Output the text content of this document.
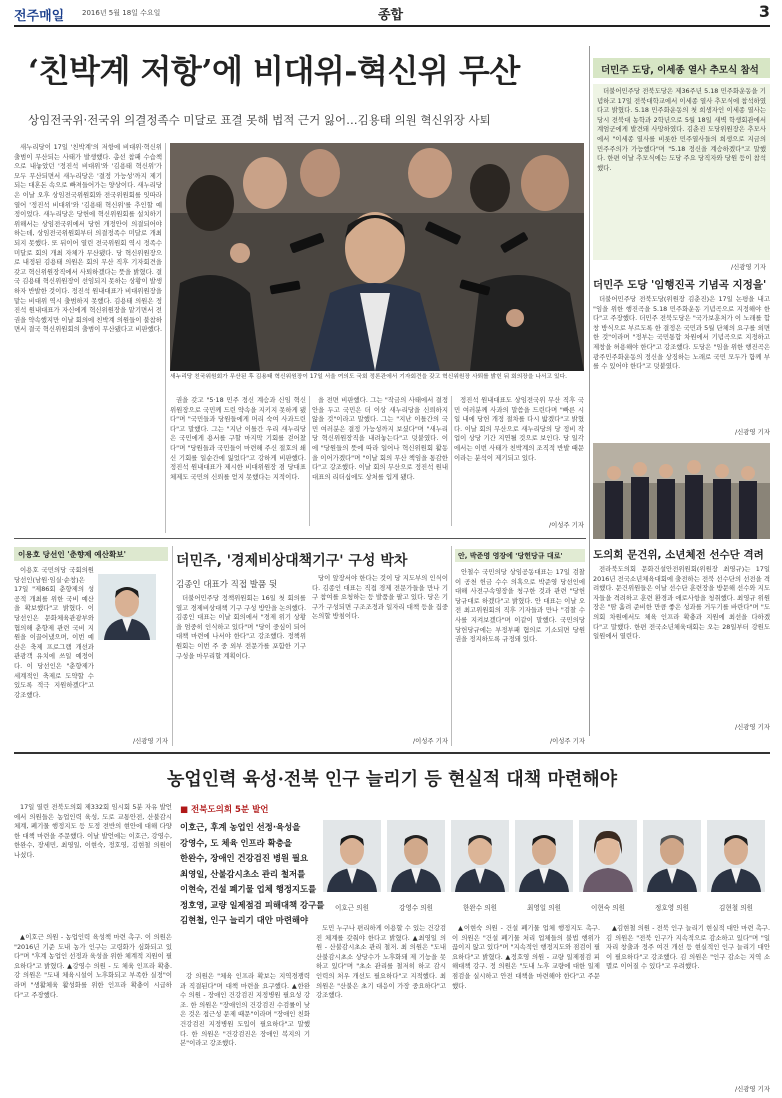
전주매일	2016년 5월 18일 수요일	종합	3
‘친박계 저항’에 비대위-혁신위 무산
상임전국위·전국위 의결정족수 미달로 표결 못해 법적 근거 잃어…김용태 의원 혁신위장 사퇴

새누리당이 17일 '친박계'의 저항에 비대위·혁신위 출범이 무산되는 사태가 발생했다. 총선 참패 수습책으로 내놓았던 '정진석 비대위'와 '김용태 혁신위'가 모두 무산되면서 새누리당은 '결정 가능성'까지 제기되는 대혼돈 속으로 빠져들어가는 양상이다. 새누리당은 이날 오후 상임전국위원회와 전국위원회를 잇따라 열어 '정진석 비대위'와 '김용태 혁신위'를 추인할 예정이었다. 새누리당은 당헌에 혁신위원회를 설치하기 위해서는 상임전국위에서 당헌 개정안이 의결되어야 하는데, 상임전국위원회부터 의결정족수 미달로 개최되지 못했다. 또 뒤이어 열린 전국위원회 역시 정족수 미달로 회의 개최 자체가 무산됐다. 당 혁신위원장으로 내정된 김용태 의원은 회의 무산 직후 기자회견을 갖고 혁신위원장직에서 사퇴하겠다는 뜻을 밝혔다. 결국 김용태 혁신위원장이 선임되지 못하는 상황이 발생하자 반발한 것이다. 정진석 원내대표가 비대위원장을 맡는 비대위 역시 출범하지 못했다. 김용태 의원은 정진석 원내대표가 자신에게 혁신위원장을 맡기면서 전권을 약속했지만 이날 회의에 친박계 의원들이 불참하면서 결국 혁신위원회의 출범이 무산됐다고 비판했다.

새누리당 친국위원회가 무산된 후 김용태 혁신위원장이 17일 서울 여의도 국회 정론관에서 기자회견을 갖고 혁신위원장 사퇴를 밝힌 뒤 회의장을 나서고 있다.

권을 갖고 "5·18 민주 정신 계승과 신임 혁신위원장으로 국민께 드린 약속을 지키지 못하게 됐다"며 "국민들과 당원들에게 머리 숙여 사과드린다"고 말했다. 그는 "지난 이틀간 우리 새누리당은 국민에게 용서를 구할 마지막 기회를 걷어찼다"며 "당원들과 국민들이 마련해 주신 절호의 쇄신 기회를 일순간에 잃었다"고 강하게 비판했다. 정진석 원내대표가 제시한 비대위원장 겸 당대표 체제도 국민의 신뢰를 얻지 못했다는 지적이다.

을 전면 비판했다. 그는 "작금의 사태에서 결정 안을 두고 국민은 더 이상 새누리당을 신뢰하지 않을 것"이라고 말했다. 그는 "지난 이틀간의 국민 여러분은 결정 가능성까지 보셨다"며 "새누리당 혁신위원장직을 내려놓는다"고 덧붙였다. 이에 "당원들의 뜻에 따라 일어나 혁신위원회 활동을 이어가겠다"며 "이날 회의 무산 책임을 통감한다"고 강조했다. 이날 회의 무산으로 정진석 원내대표의 리더십에도 상처를 입게 됐다.

정진석 원내대표도 상임전국위 무산 직후 국민 여러분께 사과의 말씀을 드린다며 "빠른 시일 내에 당헌 개정 절차를 다시 밟겠다"고 밝혔다. 이날 회의 무산으로 새누리당의 당 정비 작업이 상당 기간 지연될 것으로 보인다. 당 일각에서는 이번 사태가 친박계의 조직적 반발 때문이라는 분석이 제기되고 있다.

/이성주 기자
더민주 도당, 이세종 열사 추모식 참석

더불어민주당 전북도당은 제36주년 5.18 민주화운동을 기념하고 17일 전북대학교에서 이세종 열사 추모식에 참석하였다고 밝혔다. 5.18 민주화운동의 첫 희생자인 이세종 열사는 당시 전북대 농학과 2학년으로 5월 18일 새벽 학생회관에서 계엄군에게 발견돼 사망하였다. 김춘진 도당위원장은 추모사에서 "이세종 열사를 비롯한 민주열사들의 희생으로 지금의 민주주의가 가능했다"며 "5.18 정신을 계승하겠다"고 말했다. 한편 이날 추모식에는 도당 주요 당직자와 당원 등이 참석했다.

/신광영 기자
더민주 도당 '임행진곡 기념곡 지정을'

더불어민주당 전북도당(위원장 김춘진)은 17일 논평을 내고 "임을 위한 행진곡을 5.18 민주화운동 기념곡으로 지정해야 한다"고 주장했다. 더민주 전북도당은 "국가보훈처가 이 노래를 합창 방식으로 부르도록 한 결정은 국민과 5월 단체의 요구를 외면한 것"이라며 "정부는 국민통합 차원에서 기념곡으로 지정하고 제창을 허용해야 한다"고 강조했다. 도당은 "임을 위한 행진곡은 광주민주화운동의 정신을 상징하는 노래로 국민 모두가 함께 부를 수 있어야 한다"고 덧붙였다.

/신광영 기자
도의회 문건위, 소년체전 선수단 격려

전라북도의회 문화건설안전위원회(위원장 최영규)는 17일 2016년 전국소년체육대회에 출전하는 전북 선수단의 선전을 격려했다. 문건위원들은 이날 선수단 훈련장을 방문해 선수와 지도자들을 격려하고 훈련 환경과 애로사항을 청취했다. 최영규 위원장은 "땀 흘려 준비한 만큼 좋은 성과를 거두기를 바란다"며 "도의회 차원에서도 체육 인프라 확충과 지원에 최선을 다하겠다"고 말했다. 한편 전국소년체육대회는 오는 28일부터 강원도 일원에서 열린다.

/신광영 기자
이용호 당선인 '춘향제 예산확보'

이용호 국민의당 국회의원 당선인(남원·임실·순창)은 17일 "제86회 춘향제의 성공적 개최를 위한 국비 예산을 확보했다"고 밝혔다. 이 당선인은 문화체육관광부와 협의해 춘향제 관련 국비 지원을 이끌어냈으며, 이번 예산은 축제 프로그램 개선과 관광객 유치에 쓰일 예정이다. 이 당선인은 "춘향제가 세계적인 축제로 도약할 수 있도록 적극 지원하겠다"고 강조했다.

/신광영 기자
더민주, '경제비상대책기구' 구성 박차
김종인 대표가 직접 발품 뒷

더불어민주당 정책위원회는 16일 첫 회의를 열고 경제비상대책 기구 구성 방안을 논의했다. 김종인 대표는 이날 회의에서 "경제 위기 상황을 엄중히 인식하고 있다"며 "당이 중심이 되어 대책 마련에 나서야 한다"고 강조했다. 정책위원회는 이번 주 중 외부 전문가를 포함한 기구 구성을 마무리할 계획이다.

당이 앞장서야 한다는 것이 당 지도부의 인식이다. 김종인 대표는 직접 경제 전문가들을 만나 기구 참여를 요청하는 등 발품을 팔고 있다. 당은 기구가 구성되면 구조조정과 일자리 대책 등을 집중 논의할 방침이다.

/이성주 기자
안, 박준영 영장에 '당헌당규 대로'

안철수 국민의당 상임공동대표는 17일 검찰이 공천 헌금 수수 의혹으로 박준영 당선인에 대해 사전구속영장을 청구한 것과 관련 "당헌당규대로 하겠다"고 밝혔다. 안 대표는 이날 오전 최고위원회의 직후 기자들과 만나 "검찰 수사를 지켜보겠다"며 이같이 말했다. 국민의당 당헌당규에는 부정부패 혐의로 기소되면 당원권을 정지하도록 규정돼 있다.

/이성주 기자
농업인력 육성·전북 인구 늘리기 등 현실적 대책 마련해야

17일 열린 전북도의회 제332회 임시회 5분 자유 발언에서 의원들은 농업인력 육성, 도로 교통안전, 산불감시 체계, 폐기물 행정지도 등 도정 전반의 현안에 대해 다양한 대책 마련을 주문했다. 이날 발언에는 이호근, 강영수, 한완수, 장세민, 최영일, 이현숙, 정호영, 김현철 의원이 나섰다.

■ 전북도의회 5분 발언
이호근, 후계 농업인 선정·육성을
강영수, 도 체육 인프라 확충을
한완수, 장애인 건강검진 병원 필요
최영일, 산불감시초소 관리 철저를
이현숙, 건설 폐기물 업체 행정지도를
정호영, 교량 일제점검 피해대책 강구를
김현철, 인구 늘리기 대안 마련해야
이호근 의원	강영수 의원	한완수 의원	최영일 의원	이현숙 의원	정호영 의원	김현철 의원

▲이호근 의원 - 농업인력 육성책 마련 촉구. 이 의원은 "2016년 기준 도내 농가 인구는 고령화가 심화되고 있다"며 "후계 농업인 선정과 육성을 위한 체계적 지원이 필요하다"고 밝혔다. ▲강영수 의원 - 도 체육 인프라 확충. 강 의원은 "도내 체육시설이 노후화되고 부족한 실정"이라며 "생활체육 활성화를 위한 인프라 확충이 시급하다"고 주장했다.

강 의원은 "체육 인프라 확보는 지역경쟁력과 직결된다"며 대책 마련을 요구했다. ▲한완수 의원 - 장애인 건강검진 지정병원 필요성 강조. 한 의원은 "장애인의 건강검진 수검률이 낮은 것은 접근성 문제 때문"이라며 "장애인 친화 건강검진 지정병원 도입이 필요하다"고 말했다. 한 의원은 "건강검진은 장애인 복지의 기본"이라고 강조했다.

도민 누구나 편리하게 이용할 수 있는 건강검진 체계를 갖춰야 한다고 밝혔다. ▲최영일 의원 - 산불감시초소 관리 철저. 최 의원은 "도내 산불감시초소 상당수가 노후화돼 제 기능을 못하고 있다"며 "초소 관리를 철저히 하고 감시 인력의 처우 개선도 필요하다"고 지적했다. 최 의원은 "산불은 초기 대응이 가장 중요하다"고 강조했다.

▲이현숙 의원 - 건설 폐기물 업체 행정지도 촉구. 이 의원은 "건설 폐기물 처리 업체들의 불법 행위가 끊이지 않고 있다"며 "지속적인 행정지도와 점검이 필요하다"고 밝혔다. ▲정호영 의원 - 교량 일제점검 피해대책 강구. 정 의원은 "도내 노후 교량에 대한 일제점검을 실시하고 안전 대책을 마련해야 한다"고 주문했다.

▲김현철 의원 - 전북 인구 늘리기 현실적 대안 마련 촉구. 김 의원은 "전북 인구가 지속적으로 감소하고 있다"며 "일자리 창출과 정주 여건 개선 등 현실적인 인구 늘리기 대안이 필요하다"고 강조했다. 김 의원은 "인구 감소는 지역 소멸로 이어질 수 있다"고 우려했다.

/신광영 기자
